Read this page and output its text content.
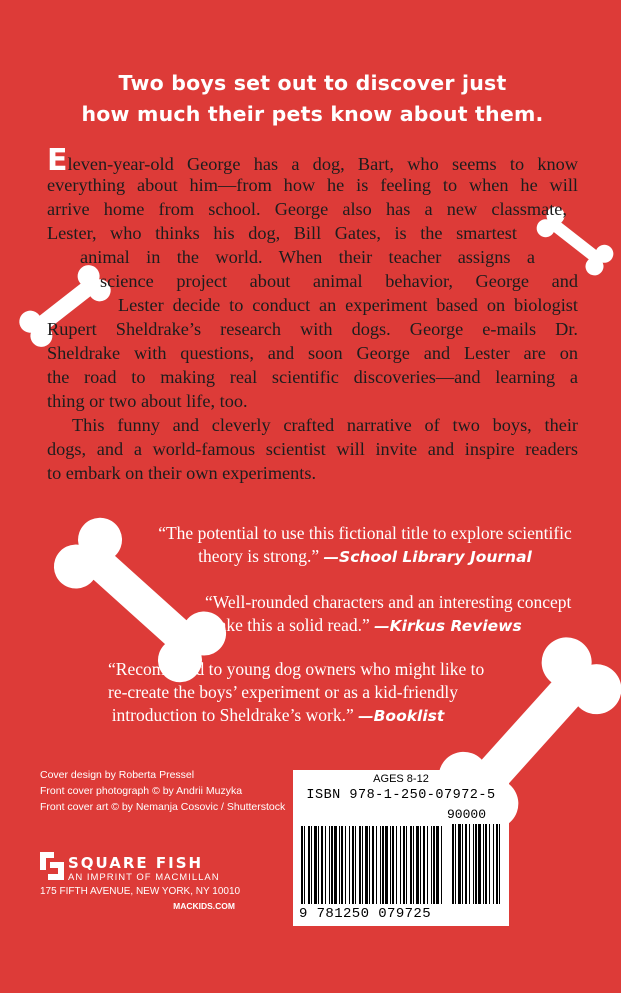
Two boys set out to discover just
how much their pets know about them.
Eleven-year-old George has a dog, Bart, who seems to know
everything about him—from how he is feeling to when he will
arrive home from school. George also has a new classmate,
Lester, who thinks his dog, Bill Gates, is the smartest
animal in the world. When their teacher assigns a
science project about animal behavior, George and
Lester decide to conduct an experiment based on biologist
Rupert Sheldrake’s research with dogs. George e-mails Dr.
Sheldrake with questions, and soon George and Lester are on
the road to making real scientific discoveries—and learning a
thing or two about life, too.
This funny and cleverly crafted narrative of two boys, their
dogs, and a world-famous scientist will invite and inspire readers
to embark on their own experiments.
“The potential to use this fictional title to explore scientific
theory is strong.” —School Library Journal
“Well-rounded characters and an interesting concept
make this a solid read.” —Kirkus Reviews
“Recommend to young dog owners who might like to
re-create the boys’ experiment or as a kid-friendly
introduction to Sheldrake’s work.” —Booklist
Cover design by Roberta Pressel
Front cover photograph © by Andrii Muzyka
Front cover art © by Nemanja Cosovic / Shutterstock
SQUARE FISH
AN IMPRINT OF MACMILLAN
175 FIFTH AVENUE, NEW YORK, NY 10010
MACKIDS.COM
AGES 8-12
ISBN 978-1-250-07972-5
90000
9 781250 079725
